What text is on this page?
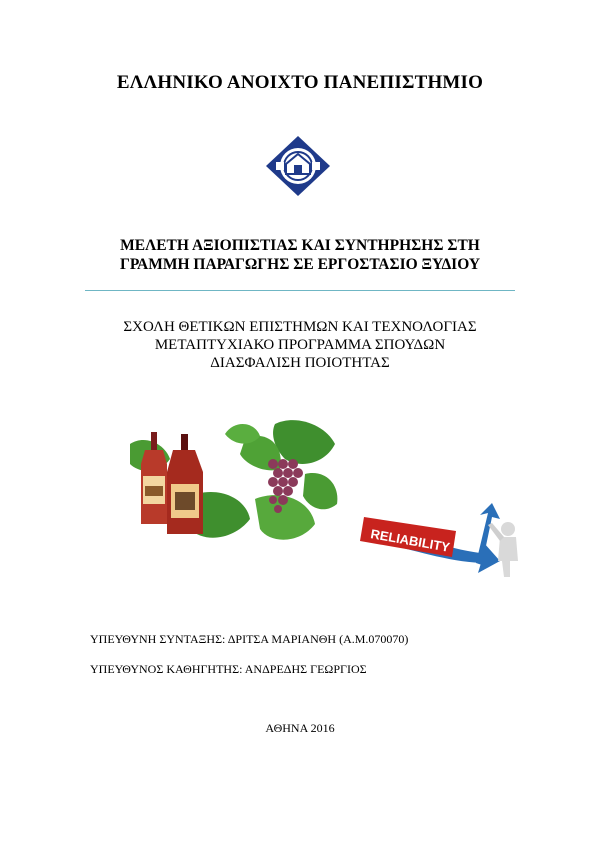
ΕΛΛΗΝΙΚΟ ΑΝΟΙΧΤΟ ΠΑΝΕΠΙΣΤΗΜΙΟ
ΜΕΛΕΤΗ ΑΞΙΟΠΙΣΤΙΑΣ ΚΑΙ ΣΥΝΤΗΡΗΣΗΣ ΣΤΗ
ΓΡΑΜΜΗ ΠΑΡΑΓΩΓΗΣ ΣΕ ΕΡΓΟΣΤΑΣΙΟ ΞΥΔΙΟΥ
ΣΧΟΛΗ ΘΕΤΙΚΩΝ ΕΠΙΣΤΗΜΩΝ ΚΑΙ ΤΕΧΝΟΛΟΓΙΑΣ
ΜΕΤΑΠΤΥΧΙΑΚΟ ΠΡΟΓΡΑΜΜΑ ΣΠΟΥΔΩΝ
ΔΙΑΣΦΑΛΙΣΗ ΠΟΙΟΤΗΤΑΣ
RELIABILITY
ΥΠΕΥΘΥΝΗ ΣΥΝΤΑΞΗΣ: ΔΡΙΤΣΑ ΜΑΡΙΑΝΘΗ (Α.Μ.070070)
ΥΠΕΥΘΥΝΟΣ ΚΑΘΗΓΗΤΗΣ: ΑΝΔΡΕΔΗΣ ΓΕΩΡΓΙΟΣ
ΑΘΗΝΑ 2016
